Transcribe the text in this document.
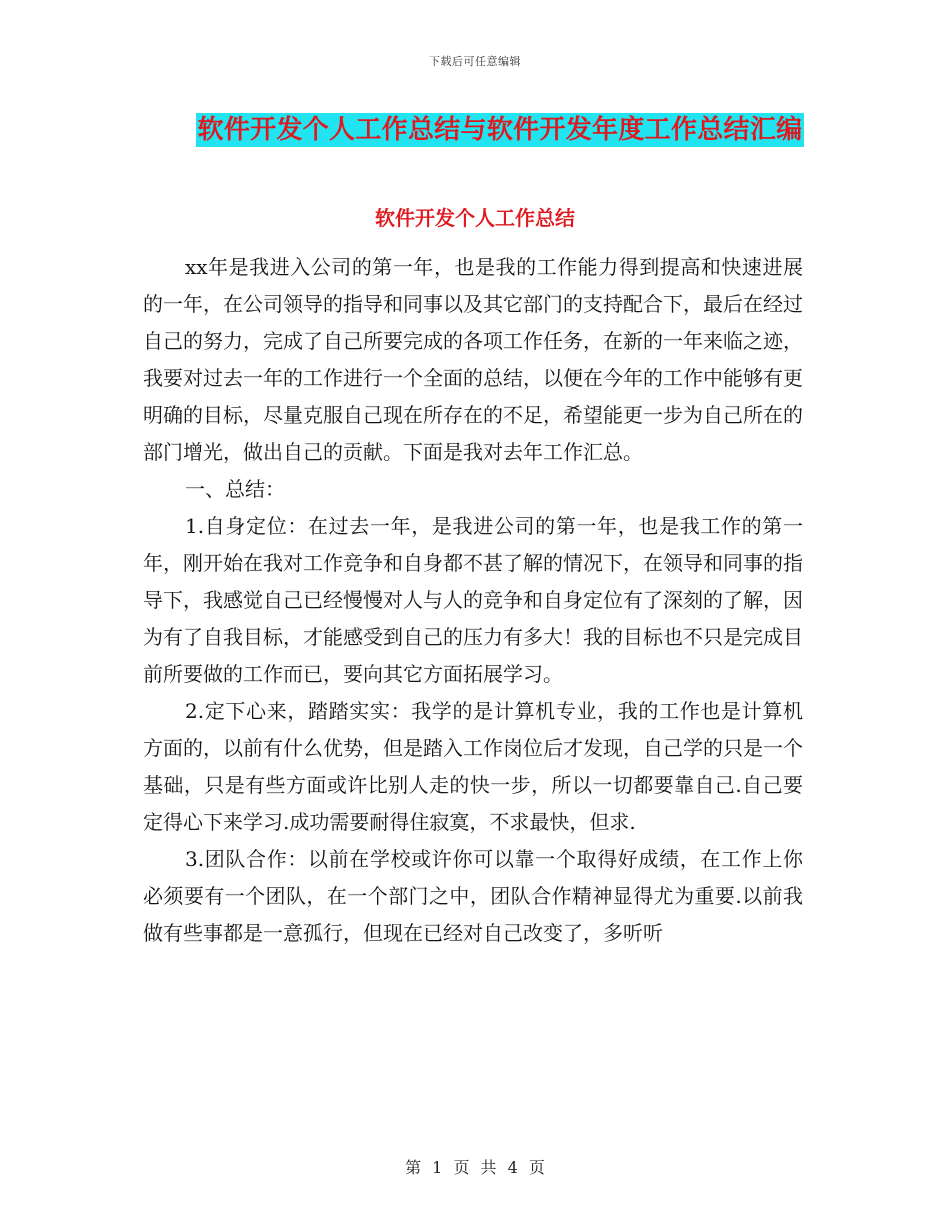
下载后可任意编辑
软件开发个人工作总结与软件开发年度工作总结汇编
软件开发个人工作总结

xx年是我进入公司的第一年，也是我的工作能力得到提高和快速进展的一年，在公司领导的指导和同事以及其它部门的支持配合下，最后在经过自己的努力，完成了自己所要完成的各项工作任务，在新的一年来临之迹，我要对过去一年的工作进行一个全面的总结，以便在今年的工作中能够有更明确的目标，尽量克服自己现在所存在的不足，希望能更一步为自己所在的部门增光，做出自己的贡献。下面是我对去年工作汇总。

一、总结：

1.自身定位：在过去一年，是我进公司的第一年，也是我工作的第一年，刚开始在我对工作竞争和自身都不甚了解的情况下，在领导和同事的指导下，我感觉自己已经慢慢对人与人的竞争和自身定位有了深刻的了解，因为有了自我目标，才能感受到自己的压力有多大！我的目标也不只是完成目前所要做的工作而已，要向其它方面拓展学习。

2.定下心来，踏踏实实：我学的是计算机专业，我的工作也是计算机方面的，以前有什么优势，但是踏入工作岗位后才发现，自己学的只是一个基础，只是有些方面或许比别人走的快一步，所以一切都要靠自己.自己要定得心下来学习.成功需要耐得住寂寞，不求最快，但求.

3.团队合作：以前在学校或许你可以靠一个取得好成绩，在工作上你必须要有一个团队，在一个部门之中，团队合作精神显得尤为重要.以前我做有些事都是一意孤行，但现在已经对自己改变了，多听听

第 1 页 共 4 页
